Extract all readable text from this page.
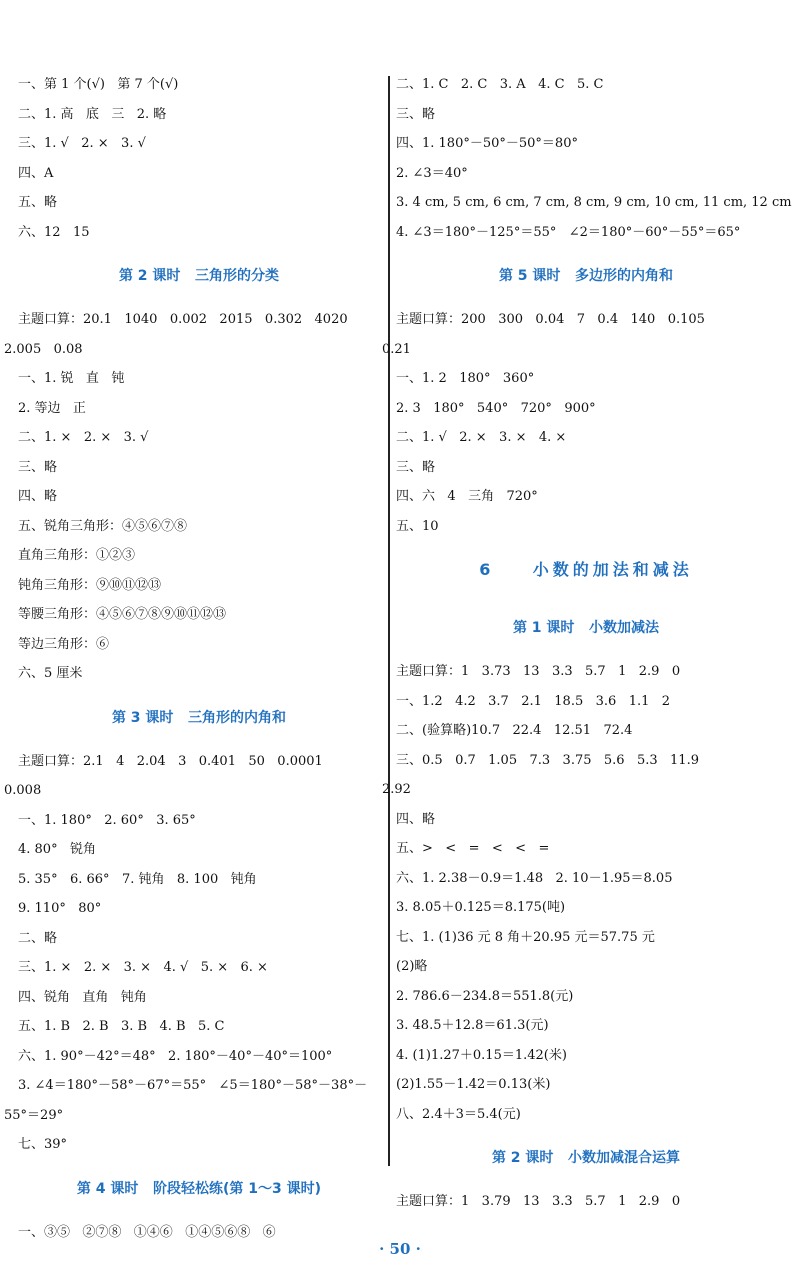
一、第 1 个(√)   第 7 个(√)
二、1. 高   底   三   2. 略
三、1. √   2. ×   3. √
四、A
五、略
六、12   15
第 2 课时   三角形的分类
主题口算：20.1   1040   0.002   2015   0.302   4020
2.005   0.08
一、1. 锐   直   钝
2. 等边   正
二、1. ×   2. ×   3. √
三、略
四、略
五、锐角三角形：④⑤⑥⑦⑧
直角三角形：①②③
钝角三角形：⑨⑩⑪⑫⑬
等腰三角形：④⑤⑥⑦⑧⑨⑩⑪⑫⑬
等边三角形：⑥
六、5 厘米
第 3 课时   三角形的内角和
主题口算：2.1   4   2.04   3   0.401   50   0.0001
0.008
一、1. 180°   2. 60°   3. 65°
4. 80°   锐角
5. 35°   6. 66°   7. 钝角   8. 100   钝角
9. 110°   80°
二、略
三、1. ×   2. ×   3. ×   4. √   5. ×   6. ×
四、锐角   直角   钝角
五、1. B   2. B   3. B   4. B   5. C
六、1. 90°－42°＝48°   2. 180°－40°－40°＝100°
3. ∠4＝180°－58°－67°＝55°   ∠5＝180°－58°－38°－
55°＝29°
七、39°
第 4 课时   阶段轻松练(第 1～3 课时)
一、③⑤   ②⑦⑧   ①④⑥   ①④⑤⑥⑧   ⑥
二、1. C   2. C   3. A   4. C   5. C
三、略
四、1. 180°－50°－50°＝80°
2. ∠3＝40°
3. 4 cm, 5 cm, 6 cm, 7 cm, 8 cm, 9 cm, 10 cm, 11 cm, 12 cm
4. ∠3＝180°－125°＝55°   ∠2＝180°－60°－55°＝65°
第 5 课时   多边形的内角和
主题口算：200   300   0.04   7   0.4   140   0.105
0.21
一、1. 2   180°   360°
2. 3   180°   540°   720°   900°
二、1. √   2. ×   3. ×   4. ×
三、略
四、六   4   三角   720°
五、10
6    小数的加法和减法
第 1 课时   小数加减法
主题口算：1   3.73   13   3.3   5.7   1   2.9   0
一、1.2   4.2   3.7   2.1   18.5   3.6   1.1   2
二、(验算略)10.7   22.4   12.51   72.4
三、0.5   0.7   1.05   7.3   3.75   5.6   5.3   11.9
2.92
四、略
五、>   <   =   <   <   =
六、1. 2.38－0.9＝1.48   2. 10－1.95＝8.05
3. 8.05＋0.125＝8.175(吨)
七、1. (1)36 元 8 角＋20.95 元＝57.75 元
(2)略
2. 786.6－234.8＝551.8(元)
3. 48.5＋12.8＝61.3(元)
4. (1)1.27＋0.15＝1.42(米)
(2)1.55－1.42＝0.13(米)
八、2.4＋3＝5.4(元)
第 2 课时   小数加减混合运算
主题口算：1   3.79   13   3.3   5.7   1   2.9   0
· 50 ·
